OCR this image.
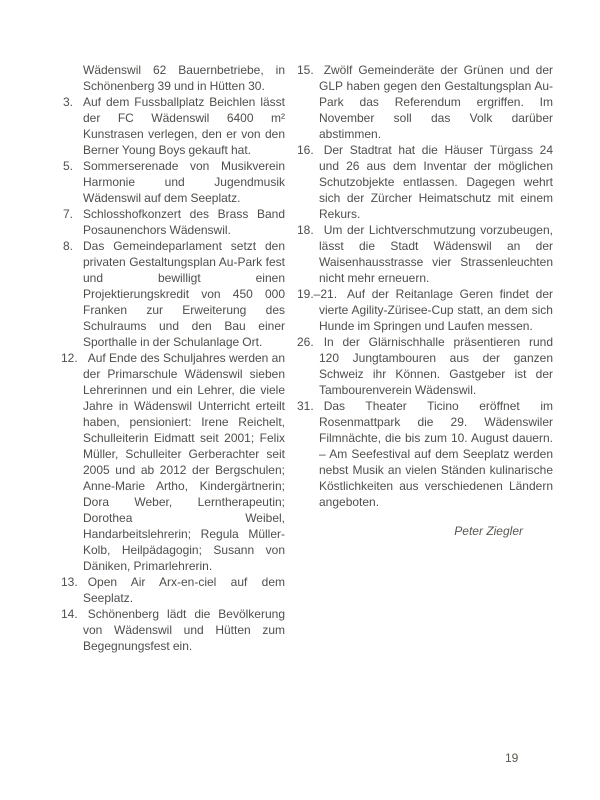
Wädenswil 62 Bauernbetriebe, in Schönenberg 39 und in Hütten 30.
3. Auf dem Fussballplatz Beichlen lässt der FC Wädenswil 6400 m² Kunstrasen verlegen, den er von den Berner Young Boys gekauft hat.
5. Sommerserenade von Musikverein Harmonie und Jugendmusik Wädenswil auf dem Seeplatz.
7. Schlosshofkonzert des Brass Band Posaunenchors Wädenswil.
8. Das Gemeindeparlament setzt den privaten Gestaltungsplan Au-Park fest und bewilligt einen Projektierungskredit von 450 000 Franken zur Erweiterung des Schulraums und den Bau einer Sporthalle in der Schulanlage Ort.
12. Auf Ende des Schuljahres werden an der Primarschule Wädenswil sieben Lehrerinnen und ein Lehrer, die viele Jahre in Wädenswil Unterricht erteilt haben, pensioniert: Irene Reichelt, Schulleiterin Eidmatt seit 2001; Felix Müller, Schulleiter Gerberachter seit 2005 und ab 2012 der Bergschulen; Anne-Marie Artho, Kindergärtnerin; Dora Weber, Lerntherapeutin; Dorothea Weibel, Handarbeitslehrerin; Regula Müller-Kolb, Heilpädagogin; Susann von Däniken, Primarlehrerin.
13. Open Air Arx-en-ciel auf dem Seeplatz.
14. Schönenberg lädt die Bevölkerung von Wädenswil und Hütten zum Begegnungsfest ein.
15. Zwölf Gemeinderäte der Grünen und der GLP haben gegen den Gestaltungsplan Au-Park das Referendum ergriffen. Im November soll das Volk darüber abstimmen.
16. Der Stadtrat hat die Häuser Türgass 24 und 26 aus dem Inventar der möglichen Schutzobjekte entlassen. Dagegen wehrt sich der Zürcher Heimatschutz mit einem Rekurs.
18. Um der Lichtverschmutzung vorzubeugen, lässt die Stadt Wädenswil an der Waisenhausstrasse vier Strassenleuchten nicht mehr erneuern.
19.–21. Auf der Reitanlage Geren findet der vierte Agility-Zürisee-Cup statt, an dem sich Hunde im Springen und Laufen messen.
26. In der Glärnischhalle präsentieren rund 120 Jungtambouren aus der ganzen Schweiz ihr Können. Gastgeber ist der Tambourenverein Wädenswil.
31. Das Theater Ticino eröffnet im Rosenmattpark die 29. Wädenswiler Filmnächte, die bis zum 10. August dauern. – Am Seefestival auf dem Seeplatz werden nebst Musik an vielen Ständen kulinarische Köstlichkeiten aus verschiedenen Ländern angeboten.
Peter Ziegler
19
